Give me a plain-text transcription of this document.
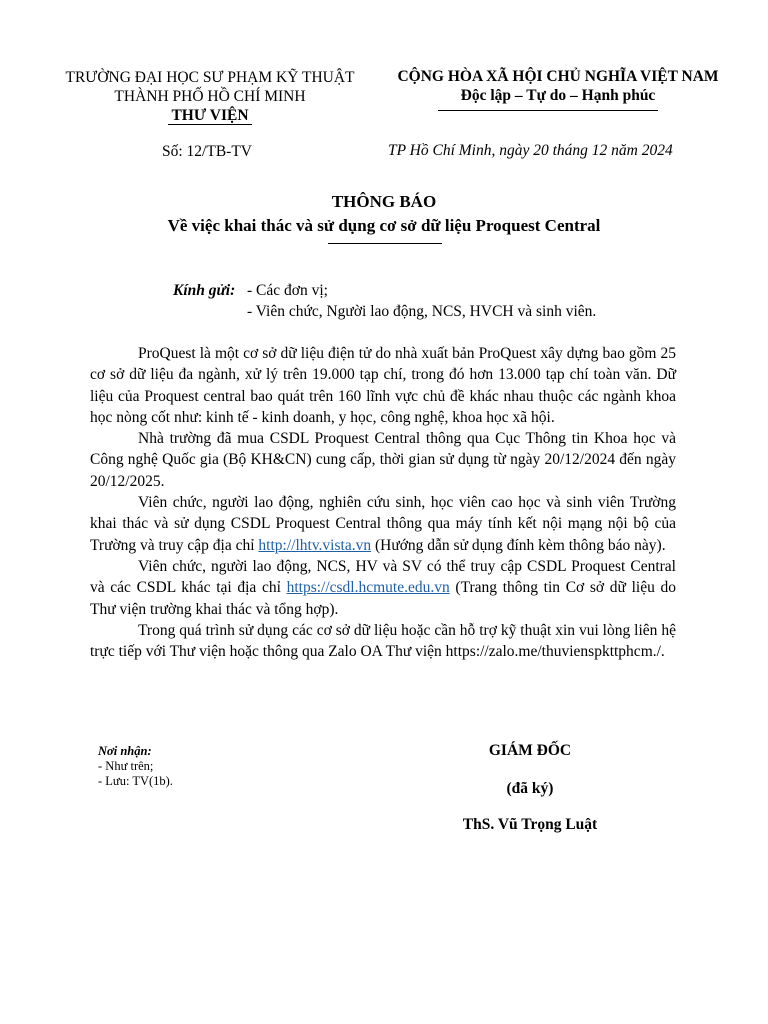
TRƯỜNG ĐẠI HỌC SƯ PHẠM KỸ THUẬT
THÀNH PHỐ HỒ CHÍ MINH
THƯ VIỆN
Số: 12/TB-TV
CỘNG HÒA XÃ HỘI CHỦ NGHĨA VIỆT NAM
Độc lập – Tự do – Hạnh phúc
TP Hồ Chí Minh, ngày 20 tháng 12 năm 2024
THÔNG BÁO
Về việc khai thác và sử dụng cơ sở dữ liệu Proquest Central
Kính gửi: - Các đơn vị;
- Viên chức, Người lao động, NCS, HVCH và sinh viên.

ProQuest là một cơ sở dữ liệu điện tử do nhà xuất bản ProQuest xây dựng bao gồm 25 cơ sở dữ liệu đa ngành, xử lý trên 19.000 tạp chí, trong đó hơn 13.000 tạp chí toàn văn. Dữ liệu của Proquest central bao quát trên 160 lĩnh vực chủ đề khác nhau thuộc các ngành khoa học nòng cốt như: kinh tế - kinh doanh, y học, công nghệ, khoa học xã hội.

Nhà trường đã mua CSDL Proquest Central thông qua Cục Thông tin Khoa học và Công nghệ Quốc gia (Bộ KH&CN) cung cấp, thời gian sử dụng từ ngày 20/12/2024 đến ngày 20/12/2025.

Viên chức, người lao động, nghiên cứu sinh, học viên cao học và sinh viên Trường khai thác và sử dụng CSDL Proquest Central thông qua máy tính kết nội mạng nội bộ của Trường và truy cập địa chỉ http://lhtv.vista.vn (Hướng dẫn sử dụng đính kèm thông báo này).

Viên chức, người lao động, NCS, HV và SV có thể truy cập CSDL Proquest Central và các CSDL khác tại địa chỉ https://csdl.hcmute.edu.vn (Trang thông tin Cơ sở dữ liệu do Thư viện trường khai thác và tổng hợp).

Trong quá trình sử dụng các cơ sở dữ liệu hoặc cần hỗ trợ kỹ thuật xin vui lòng liên hệ trực tiếp với Thư viện hoặc thông qua Zalo OA Thư viện https://zalo.me/thuvienspkttphcm./.

Nơi nhận:
- Như trên;
- Lưu: TV(1b).
GIÁM ĐỐC
(đã ký)
ThS. Vũ Trọng Luật
